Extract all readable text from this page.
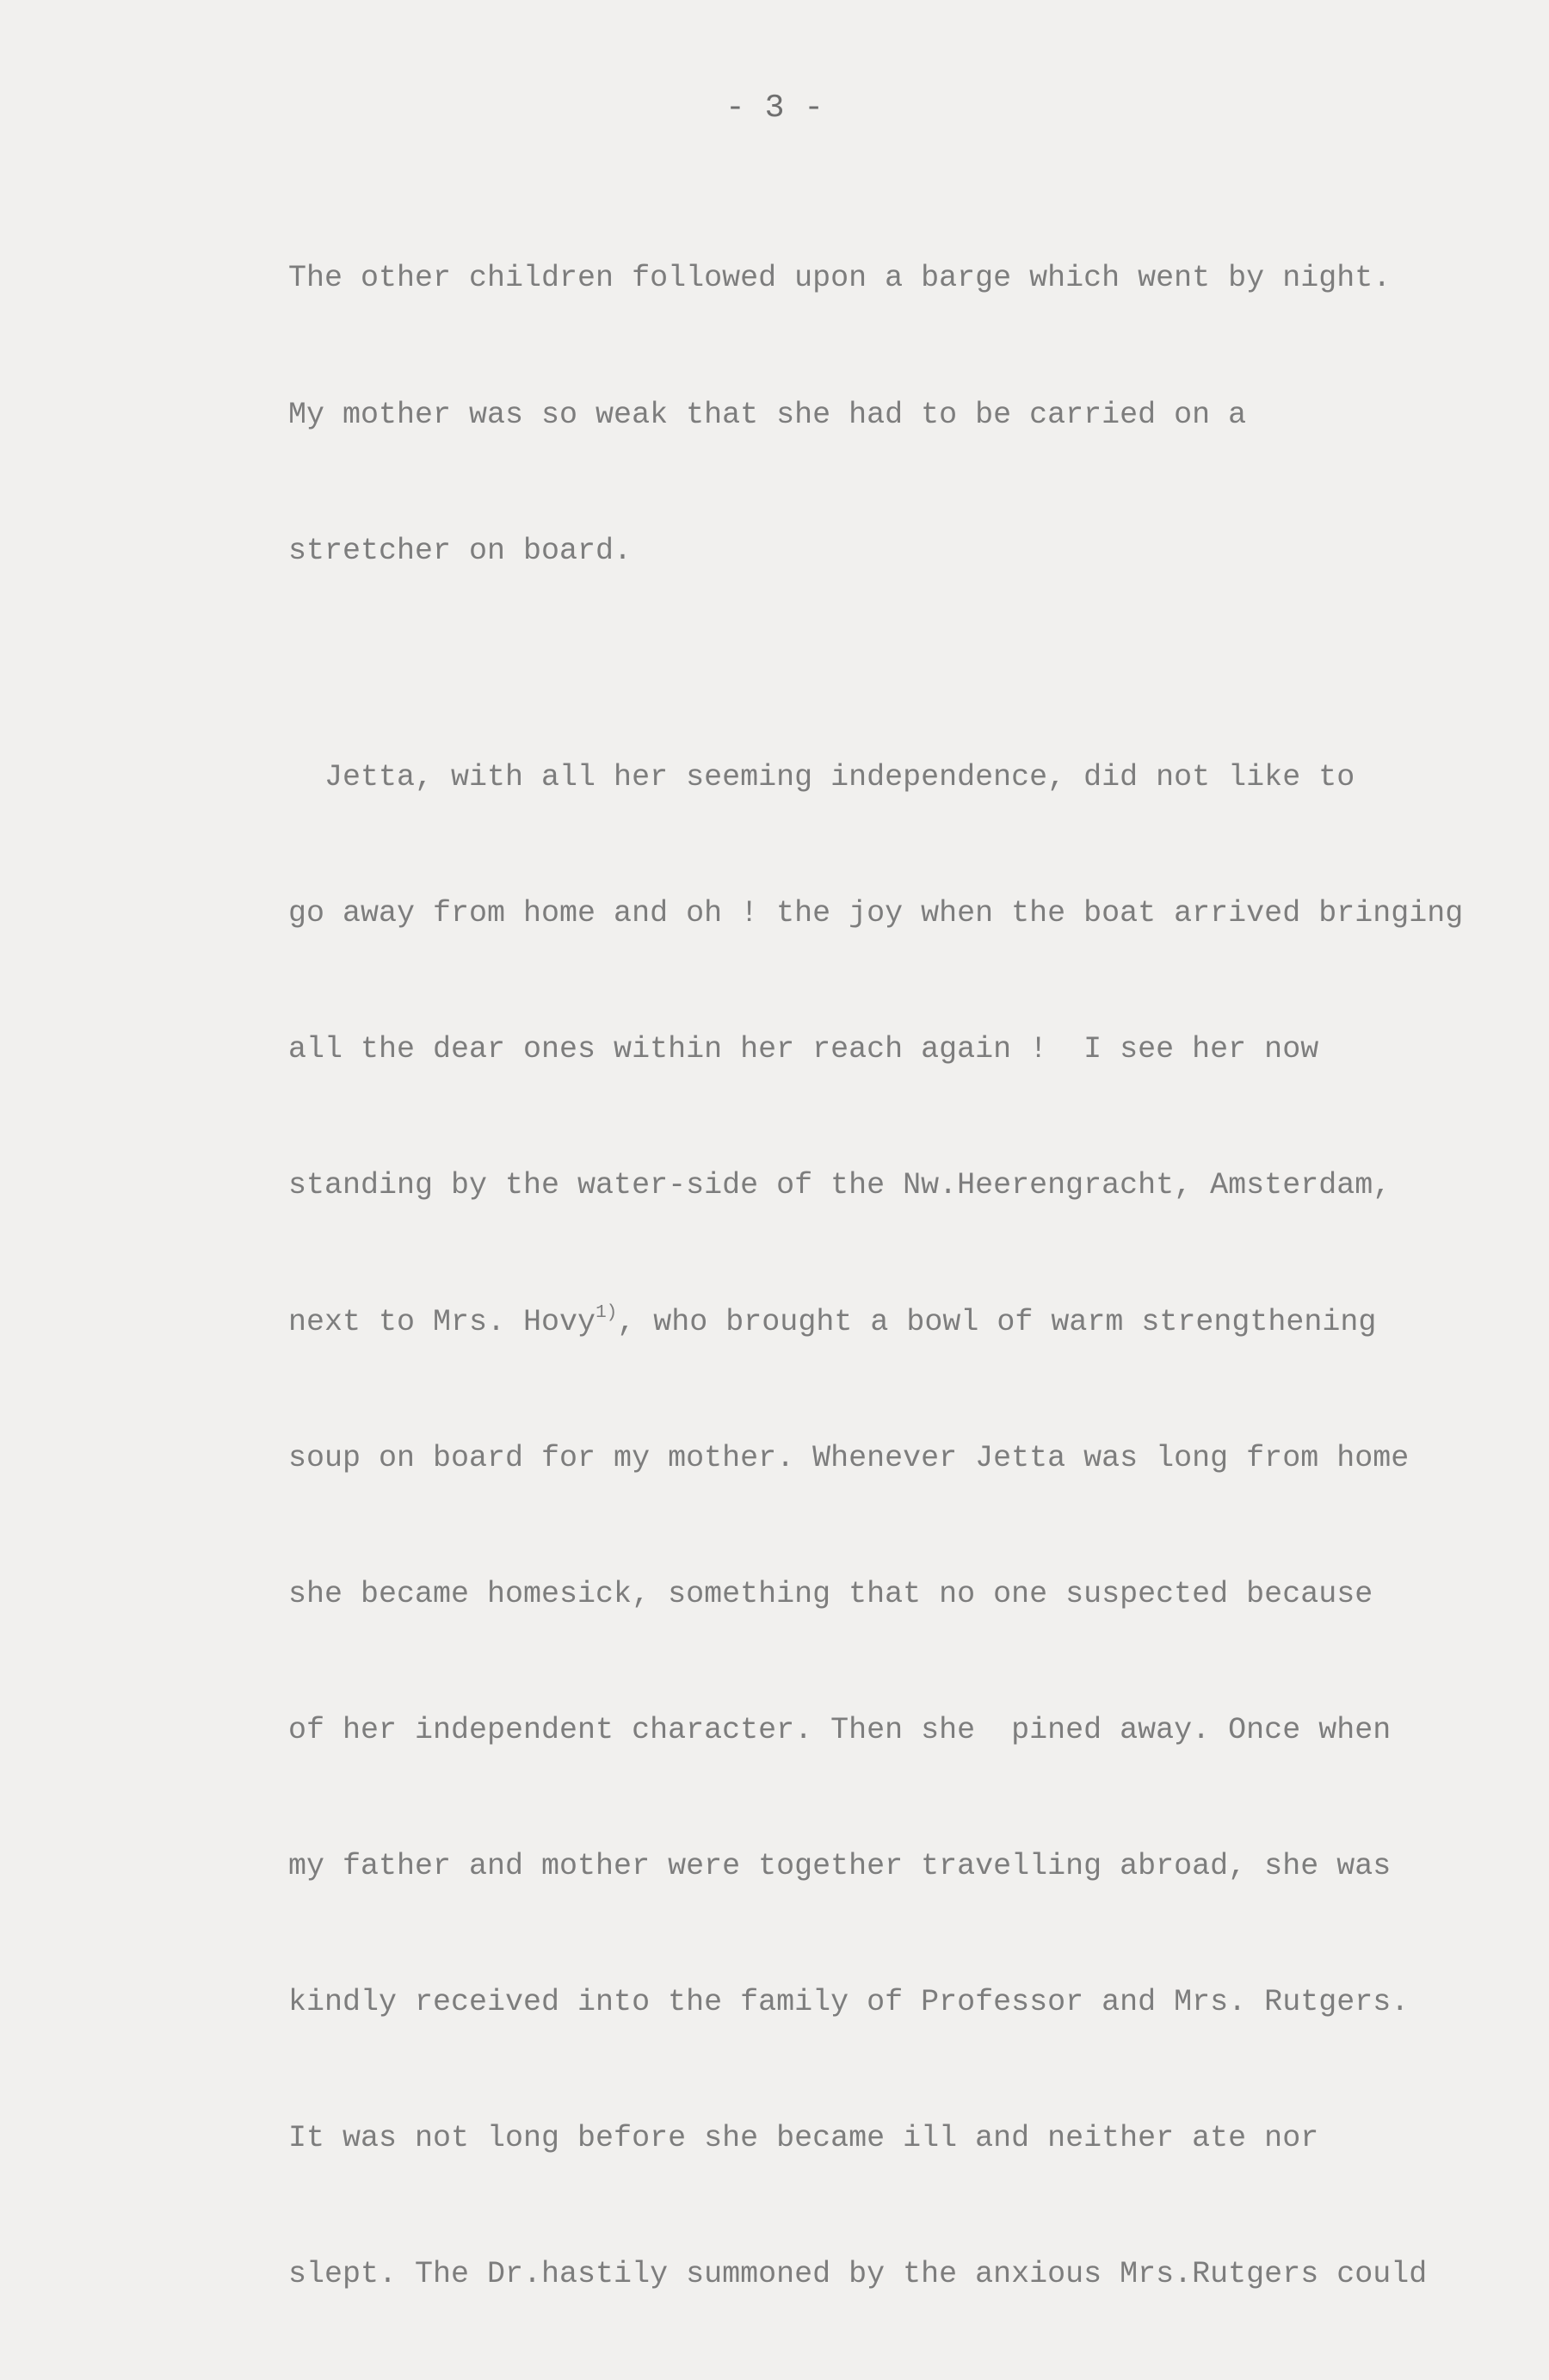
- 3 -

The other children followed upon a barge which went by night.

My mother was so weak that she had to be carried on a

stretcher on board.

Jetta, with all her seeming independence, did not like to

go away from home and oh ! the joy when the boat arrived bringing

all the dear ones within her reach again !  I see her now

standing by the water-side of the Nw.Heerengracht, Amsterdam,

next to Mrs. Hovy$^{1)}$, who brought a bowl of warm strengthening

soup on board for my mother. Whenever Jetta was long from home

she became homesick, something that no one suspected because

of her independent character. Then she  pined away. Once when

my father and mother were together travelling abroad, she was

kindly received into the family of Professor and Mrs. Rutgers.

It was not long before she became ill and neither ate nor

slept. The Dr.hastily summoned by the anxious Mrs.Rutgers could
